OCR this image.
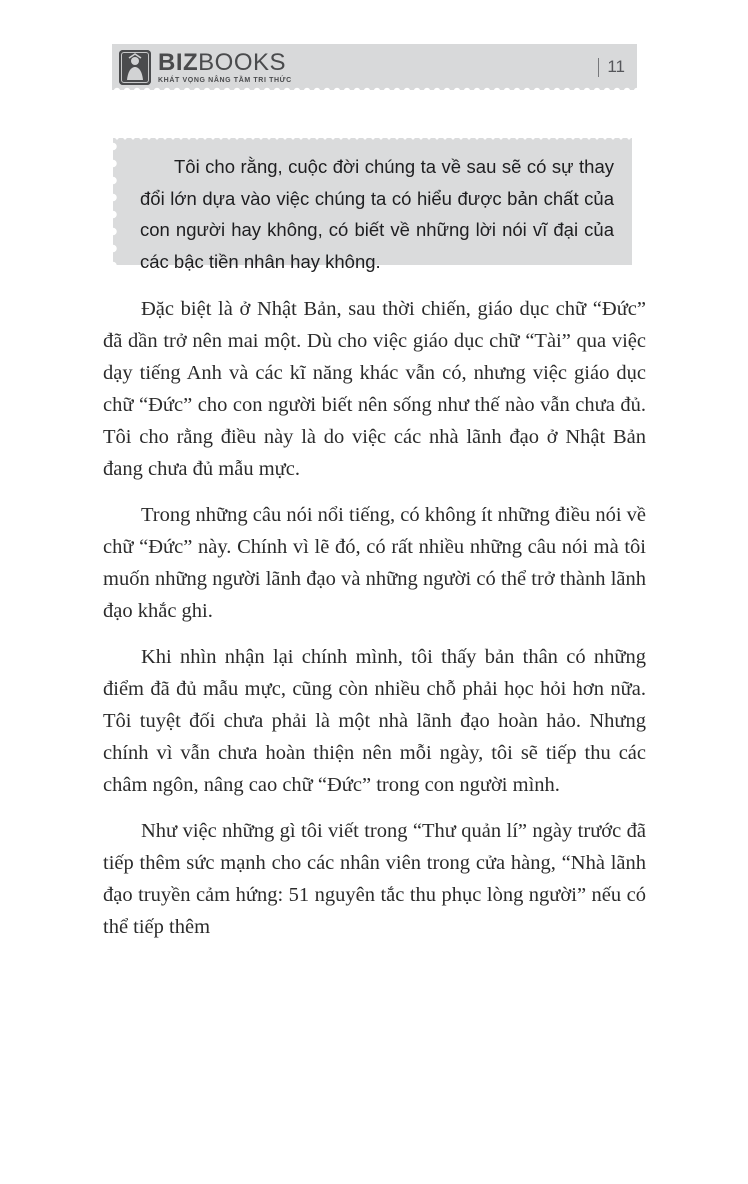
BIZBOOKS
KHÁT VỌNG NÂNG TẦM TRI THỨC
11

Tôi cho rằng, cuộc đời chúng ta về sau sẽ có sự thay đổi lớn dựa vào việc chúng ta có hiểu được bản chất của con người hay không, có biết về những lời nói vĩ đại của các bậc tiền nhân hay không.

Đặc biệt là ở Nhật Bản, sau thời chiến, giáo dục chữ “Đức” đã dần trở nên mai một. Dù cho việc giáo dục chữ “Tài” qua việc dạy tiếng Anh và các kĩ năng khác vẫn có, nhưng việc giáo dục chữ “Đức” cho con người biết nên sống như thế nào vẫn chưa đủ. Tôi cho rằng điều này là do việc các nhà lãnh đạo ở Nhật Bản đang chưa đủ mẫu mực.

Trong những câu nói nổi tiếng, có không ít những điều nói về chữ “Đức” này. Chính vì lẽ đó, có rất nhiều những câu nói mà tôi muốn những người lãnh đạo và những người có thể trở thành lãnh đạo khắc ghi.

Khi nhìn nhận lại chính mình, tôi thấy bản thân có những điểm đã đủ mẫu mực, cũng còn nhiều chỗ phải học hỏi hơn nữa. Tôi tuyệt đối chưa phải là một nhà lãnh đạo hoàn hảo. Nhưng chính vì vẫn chưa hoàn thiện nên mỗi ngày, tôi sẽ tiếp thu các châm ngôn, nâng cao chữ “Đức” trong con người mình.

Như việc những gì tôi viết trong “Thư quản lí” ngày trước đã tiếp thêm sức mạnh cho các nhân viên trong cửa hàng, “Nhà lãnh đạo truyền cảm hứng: 51 nguyên tắc thu phục lòng người” nếu có thể tiếp thêm
